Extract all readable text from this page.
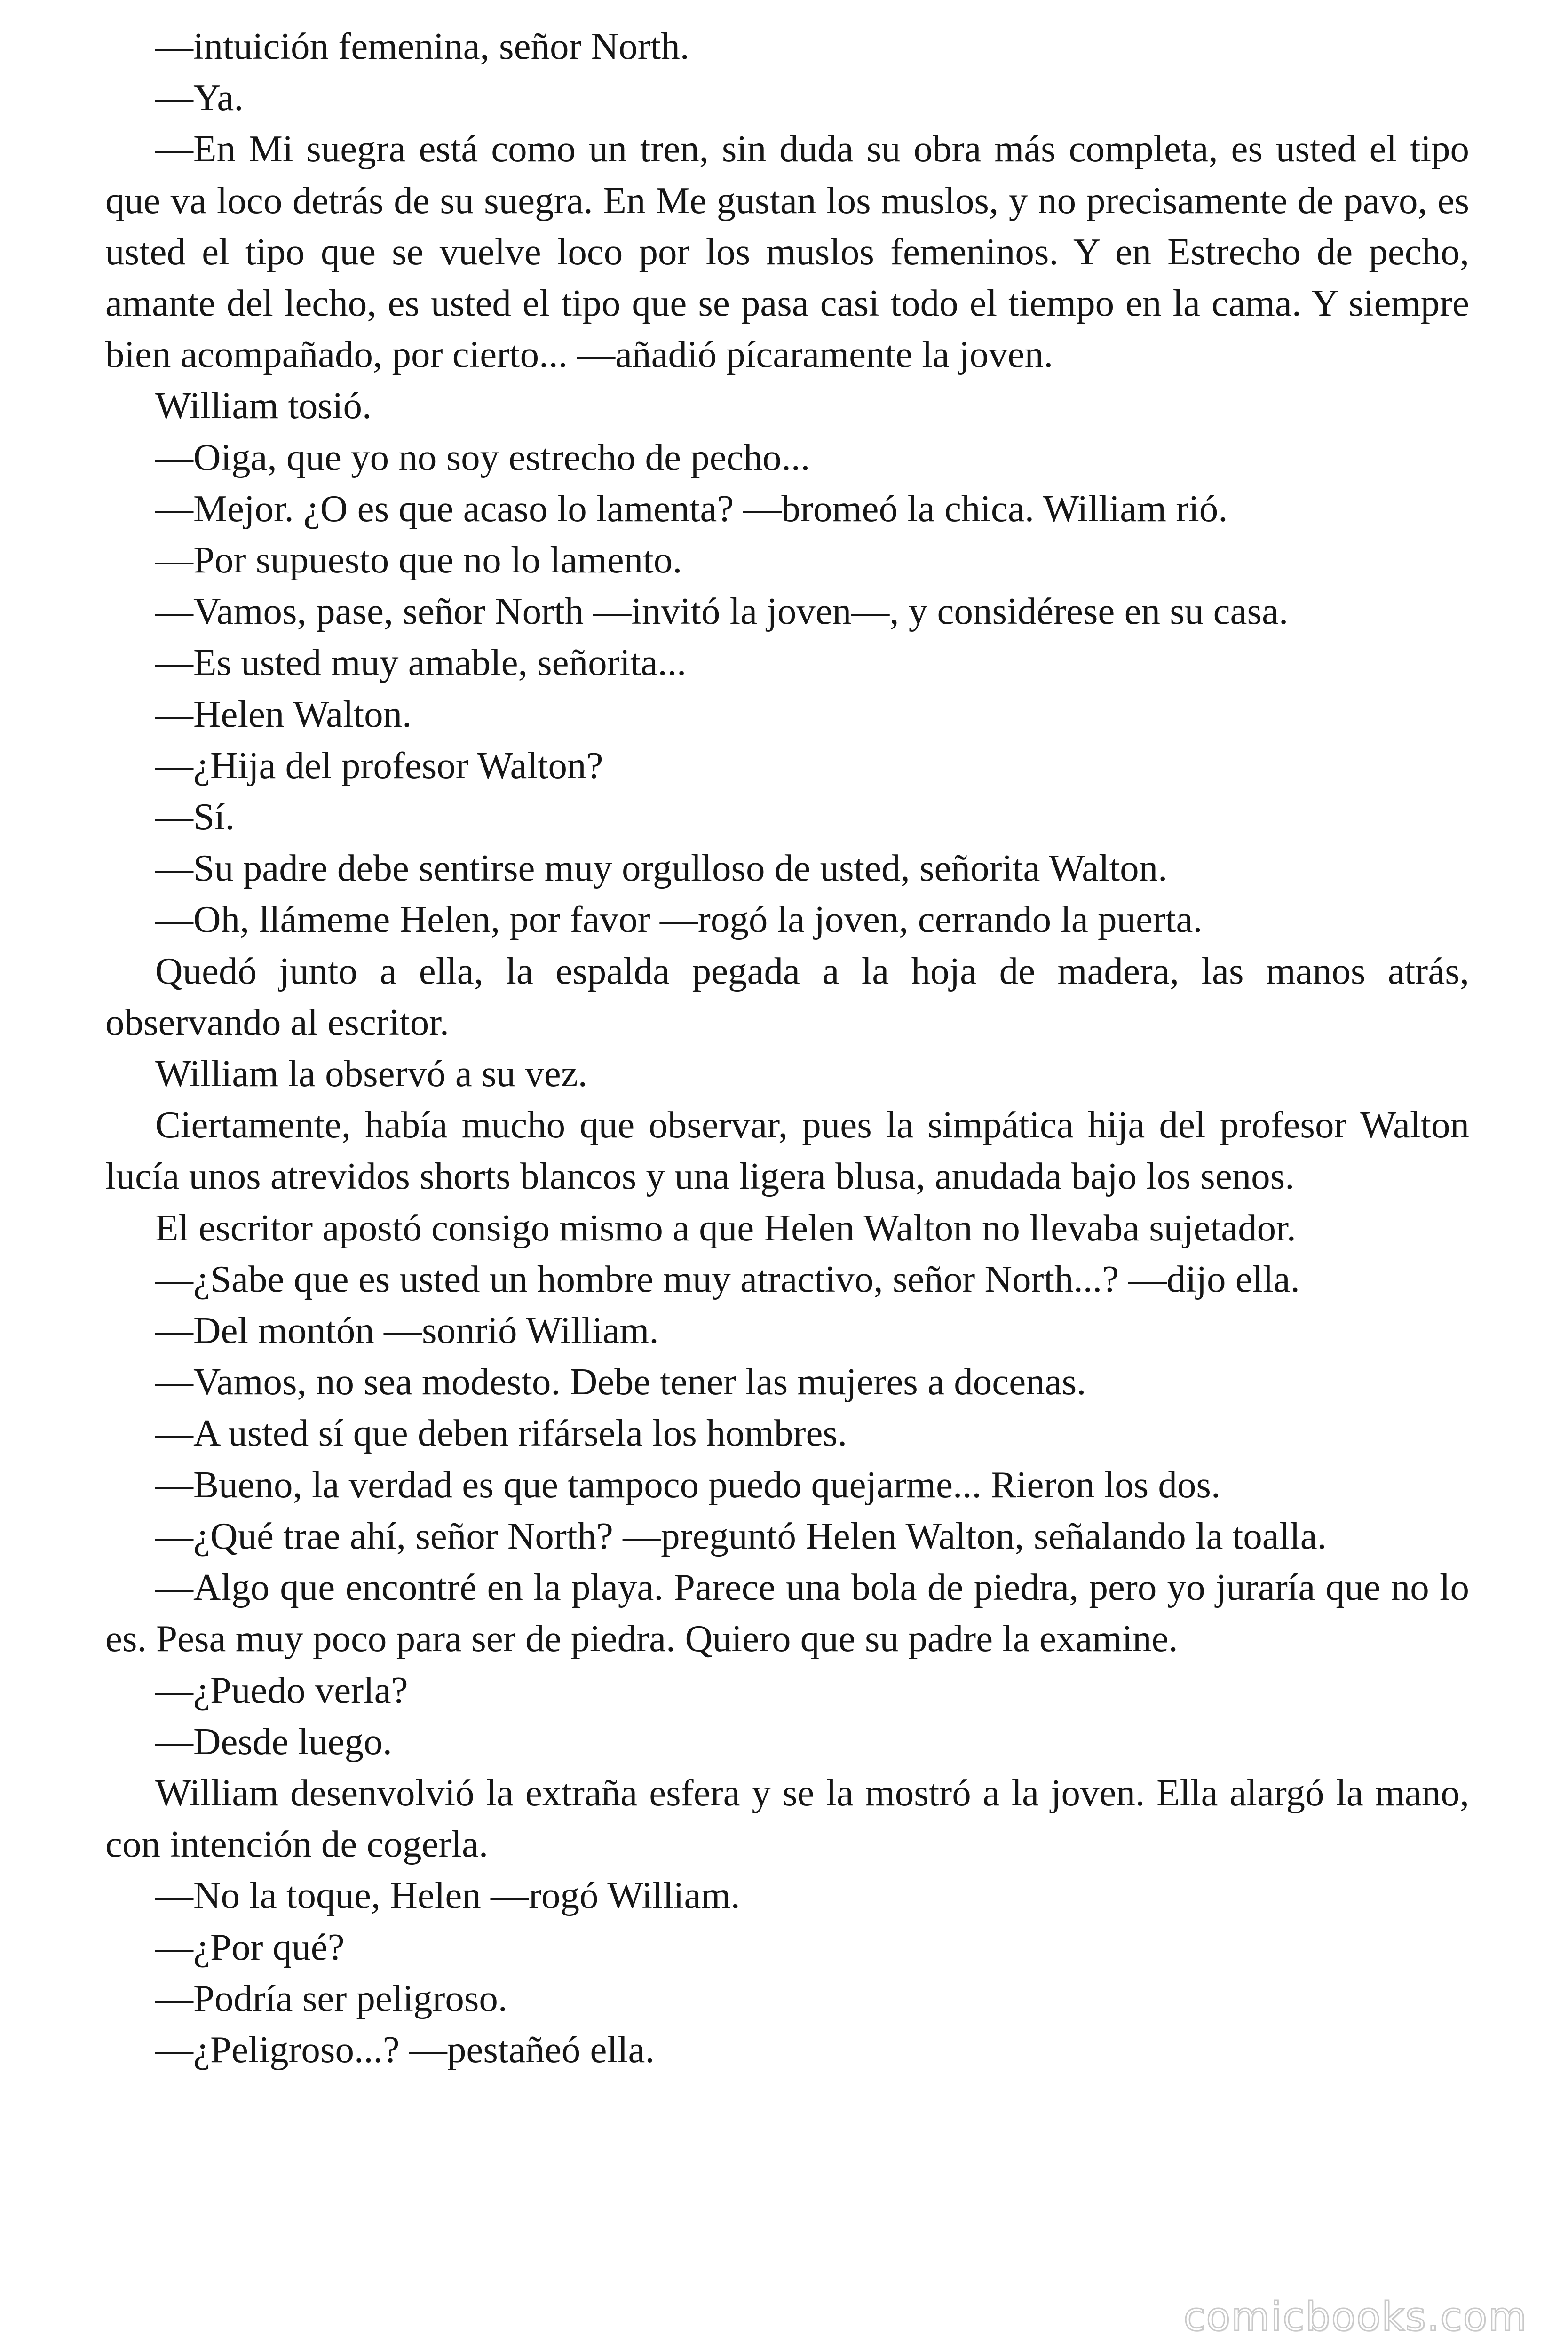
—intuición femenina, señor North.

—Ya.

—En Mi suegra está como un tren, sin duda su obra más completa, es usted el tipo que va loco detrás de su suegra. En Me gustan los muslos, y no precisamente de pavo, es usted el tipo que se vuelve loco por los muslos femeninos. Y en Estrecho de pecho, amante del lecho, es usted el tipo que se pasa casi todo el tiempo en la cama. Y siempre bien acompañado, por cierto... —añadió pícaramente la joven.

William tosió.

—Oiga, que yo no soy estrecho de pecho...

—Mejor. ¿O es que acaso lo lamenta? —bromeó la chica. William rió.

—Por supuesto que no lo lamento.

—Vamos, pase, señor North —invitó la joven—, y considérese en su casa.

—Es usted muy amable, señorita...

—Helen Walton.

—¿Hija del profesor Walton?

—Sí.

—Su padre debe sentirse muy orgulloso de usted, señorita Walton.

—Oh, llámeme Helen, por favor —rogó la joven, cerrando la puerta.

Quedó junto a ella, la espalda pegada a la hoja de madera, las manos atrás, observando al escritor.

William la observó a su vez.

Ciertamente, había mucho que observar, pues la simpática hija del profesor Walton lucía unos atrevidos shorts blancos y una ligera blusa, anudada bajo los senos.

El escritor apostó consigo mismo a que Helen Walton no llevaba sujetador.

—¿Sabe que es usted un hombre muy atractivo, señor North...? —dijo ella.

—Del montón —sonrió William.

—Vamos, no sea modesto. Debe tener las mujeres a docenas.

—A usted sí que deben rifársela los hombres.

—Bueno, la verdad es que tampoco puedo quejarme... Rieron los dos.

—¿Qué trae ahí, señor North? —preguntó Helen Walton, señalando la toalla.

—Algo que encontré en la playa. Parece una bola de piedra, pero yo juraría que no lo es. Pesa muy poco para ser de piedra. Quiero que su padre la examine.

—¿Puedo verla?

—Desde luego.

William desenvolvió la extraña esfera y se la mostró a la joven. Ella alargó la mano, con intención de cogerla.

—No la toque, Helen —rogó William.

—¿Por qué?

—Podría ser peligroso.

—¿Peligroso...? —pestañeó ella.

comicbooks.com
